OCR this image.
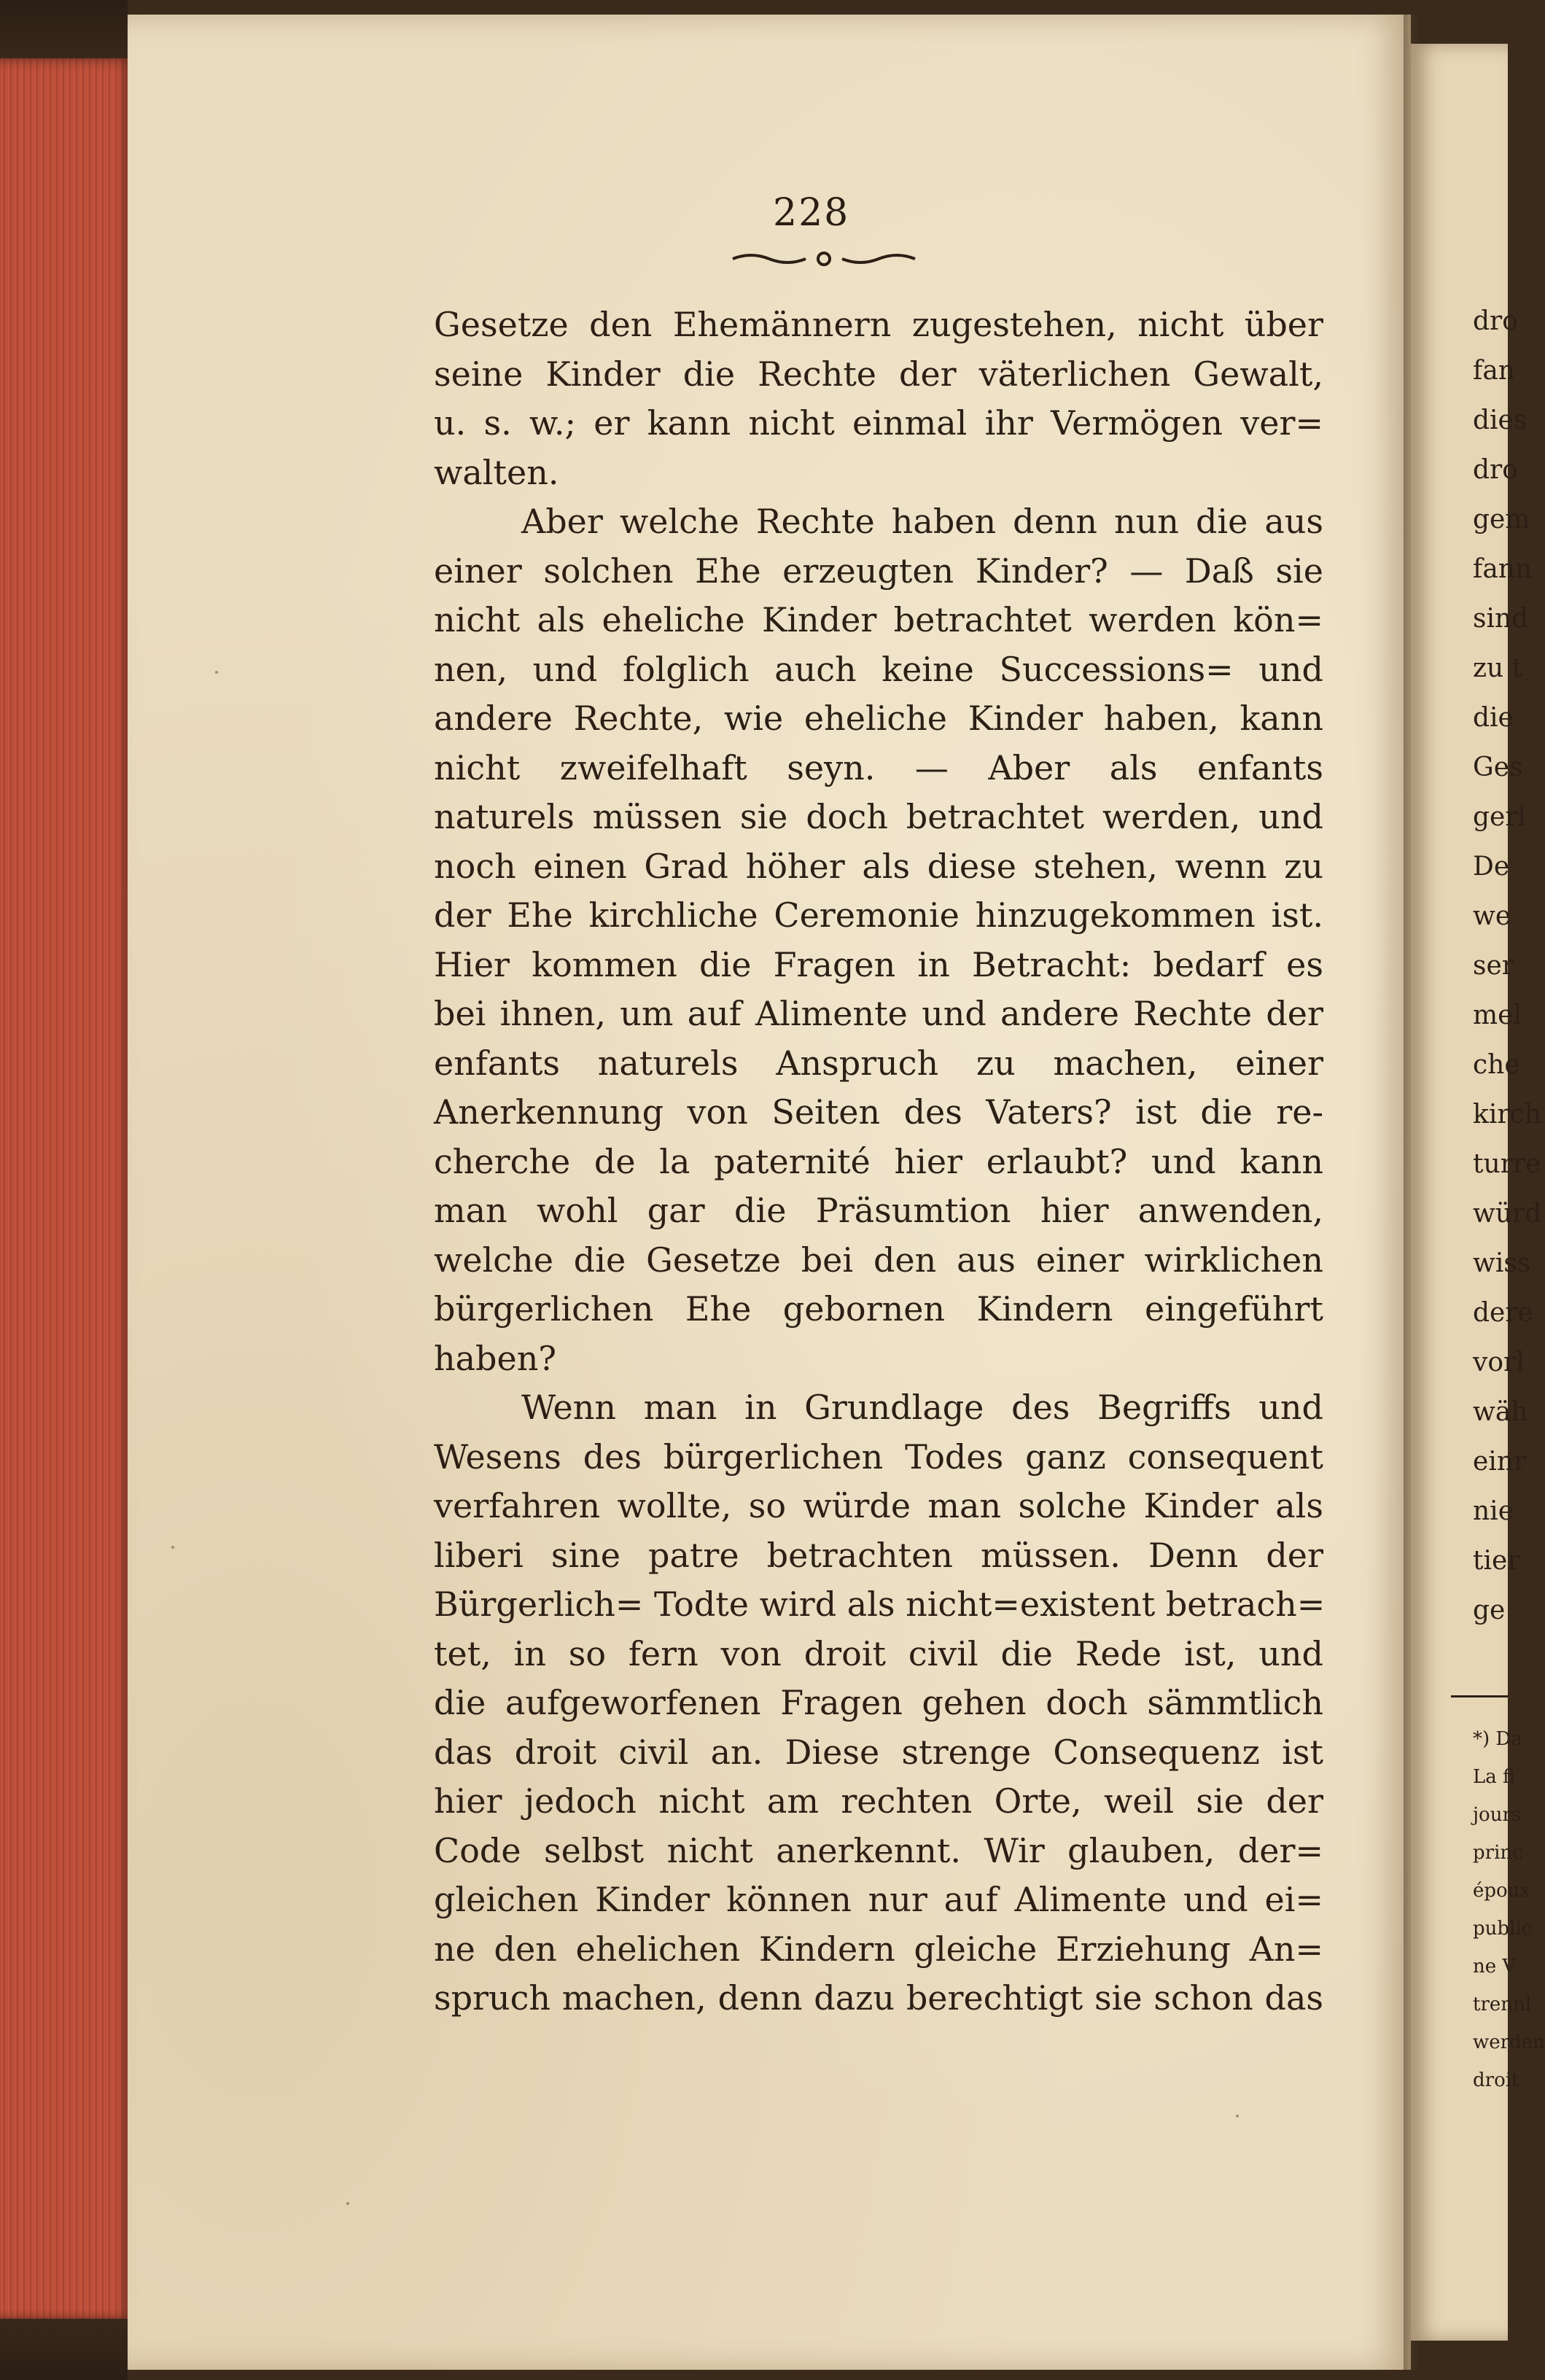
228
Gesetze den Ehemännern zugestehen, nicht über
seine Kinder die Rechte der väterlichen Gewalt,
u. s. w.; er kann nicht einmal ihr Vermögen ver=
walten.
Aber welche Rechte haben denn nun die aus
einer solchen Ehe erzeugten Kinder? — Daß sie
nicht als eheliche Kinder betrachtet werden kön=
nen, und folglich auch keine Successions= und
andere Rechte, wie eheliche Kinder haben, kann
nicht zweifelhaft seyn. — Aber als enfants
naturels müssen sie doch betrachtet werden, und
noch einen Grad höher als diese stehen, wenn zu
der Ehe kirchliche Ceremonie hinzugekommen ist.
Hier kommen die Fragen in Betracht: bedarf es
bei ihnen, um auf Alimente und andere Rechte der
enfants naturels Anspruch zu machen, einer
Anerkennung von Seiten des Vaters? ist die re-
cherche de la paternité hier erlaubt? und kann
man wohl gar die Präsumtion hier anwenden,
welche die Gesetze bei den aus einer wirklichen
bürgerlichen Ehe gebornen Kindern eingeführt
haben?
Wenn man in Grundlage des Begriffs und
Wesens des bürgerlichen Todes ganz consequent
verfahren wollte, so würde man solche Kinder als
liberi sine patre betrachten müssen. Denn der
Bürgerlich= Todte wird als nicht=existent betrach=
tet, in so fern von droit civil die Rede ist, und
die aufgeworfenen Fragen gehen doch sämmtlich
das droit civil an. Diese strenge Consequenz ist
hier jedoch nicht am rechten Orte, weil sie der
Code selbst nicht anerkennt. Wir glauben, der=
gleichen Kinder können nur auf Alimente und ei=
ne den ehelichen Kindern gleiche Erziehung An=
spruch machen, denn dazu berechtigt sie schon das
dro
fan
dies
dro
gem
fann
sind
zu t
die
Ges
gerl
De
we
ser
mel
che
kirch
turre
würd
wiss
dere
vorl
wäh
einr
nie
tier
ge
*) Da
La fi
jours
princ
époux
public
ne V
trennl
werden
droit
